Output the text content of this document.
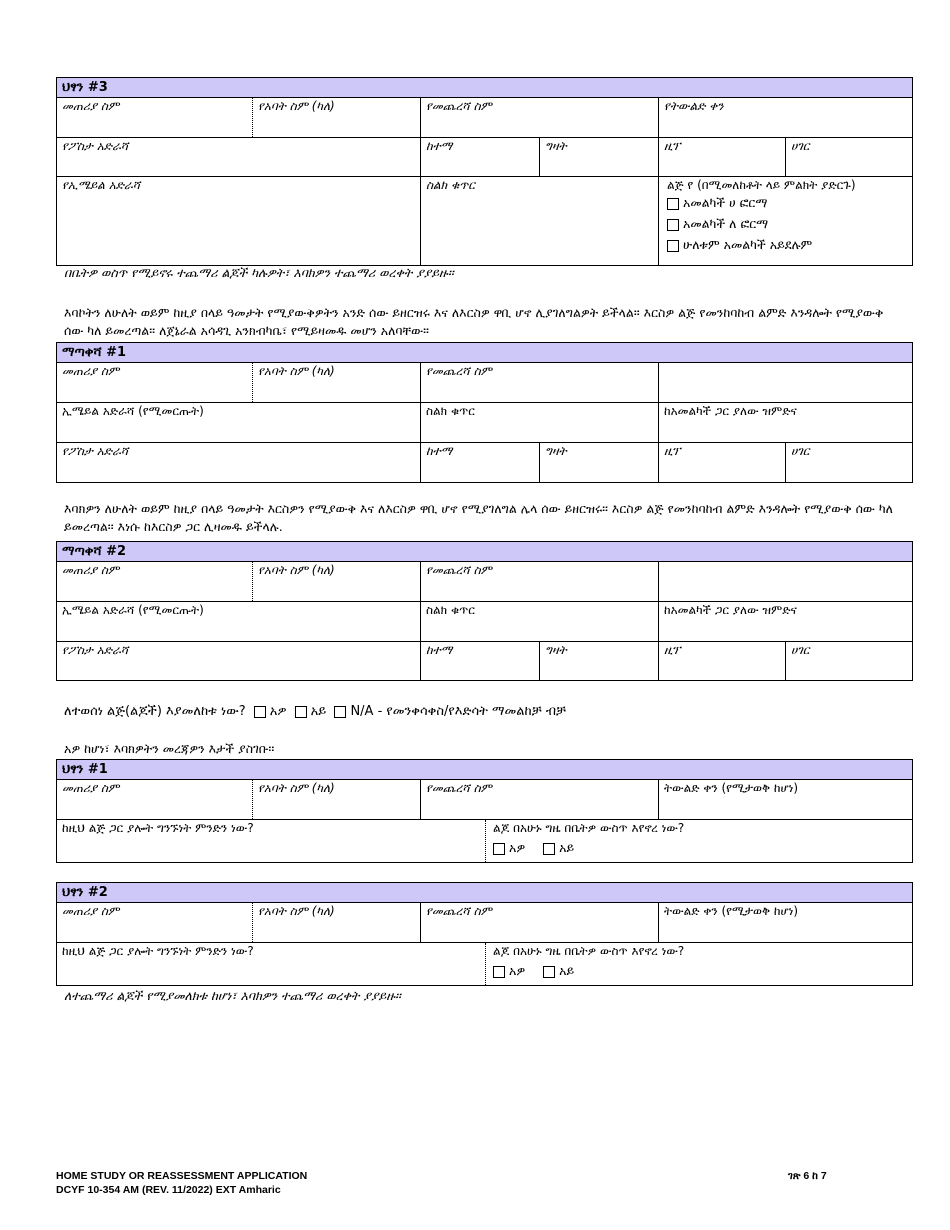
ህፃን #3
መጠሪያ ስም	የአባት ስም (ካለ)	የመጨረሻ ስም	የትውልድ ቀን
የፖስታ አድራሻ	ከተማ	ግዛት	ዚፕ	ሀገር
የኢሜይል አድራሻ	ስልክ ቁጥር	ልጅ የ (በሚመለከቶት ላይ ምልክት ያድርጉ)
አመልካች ሀ ፎርማ
አመልካች ለ ፎርማ
ሁለቱም አመልካች አይደሉም
በቤትዎ ወስጥ የሚይኖሩ ተጨማሪ ልጆች ካሉዎት፣ እባክዎን ተጨማሪ ወረቀት ያያይዙ።
እባኮትን ለሁለት ወይም ከዚያ በላይ ዓመታት የሚያውቅዎትን አንድ ሰው ይዘርዝሩ እና ለእርስዎ ዋቢ ሆኖ ሊያገለግልዎት ይችላል። እርስዎ ልጅ የመንከባከብ ልምድ እንዳሎት የሚያውቅ ሰው ካለ ይመረጣል፡፡ ለጀኔራል አሳዳጊ አንክብካቤ፣ የሚይዛመዱ መሆን አለባቸው።
ማጣቀሻ #1
መጠሪያ ስም	የአባት ስም (ካለ)	የመጨረሻ ስም
ኢሜይል አድራሻ (የሚመርጡት)	ስልክ ቁጥር	ከአመልካች ጋር ያለው ዝምድና
የፖስታ አድራሻ	ከተማ	ግዛት	ዚፕ	ሀገር
እባክዎን ለሁለት ወይም ከዚያ በላይ ዓመታት እርስዎን የሚያውቅ እና ለእርስዎ ዋቢ ሆኖ የሚያገለግል ሌላ ሰው ይዘርዝሩ። እርስዎ ልጅ የመንከባከብ ልምድ እንዳሎት የሚያውቅ ሰው ካለ ይመረጣል፡፡ እነሱ ከእርስዎ ጋር ሊዛመዱ ይችላሉ.
ማጣቀሻ #2
መጠሪያ ስም	የአባት ስም (ካለ)	የመጨረሻ ስም
ኢሜይል አድራሻ (የሚመርጡት)	ስልክ ቁጥር	ከአመልካች ጋር ያለው ዝምድና
የፖስታ አድራሻ	ከተማ	ግዛት	ዚፕ	ሀገር
ለተወሰነ ልጅ(ልጆች) እያመለከቱ ነው? አዎ አይ N/A - የመንቀሳቀስ/የእድሳት ማመልከቻ ብቻ
አዎ ከሆነ፣ እባክዎትን መረጃዎን እታች ያስገቡ፡፡
ህፃን #1
መጠሪያ ስም	የአባት ስም (ካለ)	የመጨረሻ ስም	ትውልድ ቀን (የሚታወቅ ከሆነ)
ከዚህ ልጅ ጋር ያሎት ግንኙነት ምንድን ነው?	ልጆ በአሁኑ ግዜ በቤትዎ ውስጥ እየኖረ ነው?
አዎ	አይ
ህፃን #2
መጠሪያ ስም	የአባት ስም (ካለ)	የመጨረሻ ስም	ትውልድ ቀን (የሚታወቅ ከሆነ)
ከዚህ ልጅ ጋር ያሎት ግንኙነት ምንድን ነው?	ልጆ በአሁኑ ግዜ በቤትዎ ውስጥ እየኖረ ነው?
አዎ	አይ
ለተጨማሪ ልጆች የሚያመለክቱ ከሆነ፣ እባክዎን ተጨማሪ ወረቀት ያያይዙ።
HOME STUDY OR REASSESSMENT APPLICATION
DCYF 10-354 AM (REV. 11/2022) EXT Amharic
ገጽ 6 ከ 7
